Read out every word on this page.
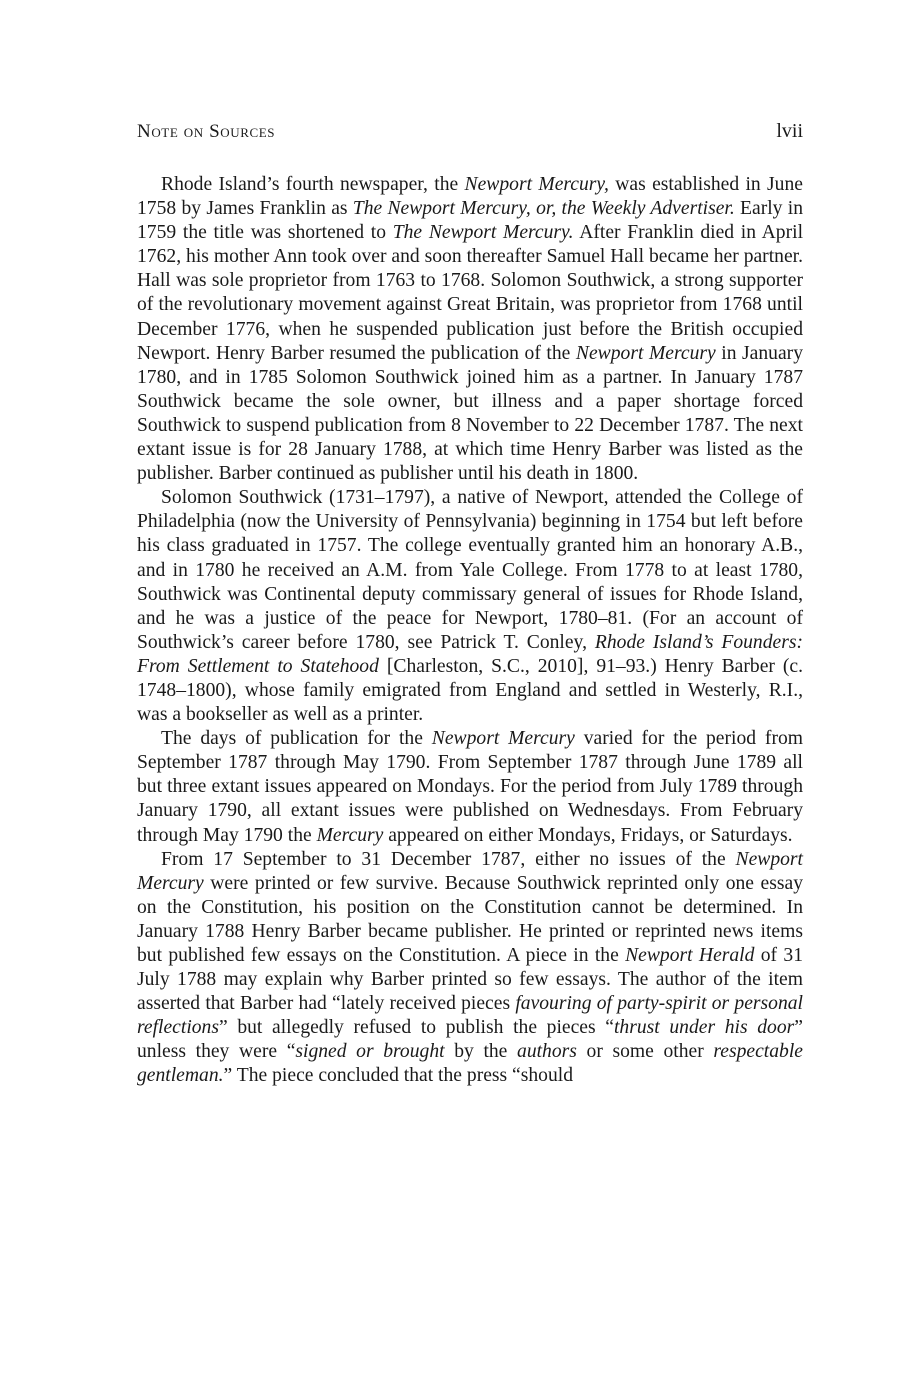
Note on Sources	lvii

Rhode Island’s fourth newspaper, the Newport Mercury, was established in June 1758 by James Franklin as The Newport Mercury, or, the Weekly Advertiser. Early in 1759 the title was shortened to The Newport Mercury. After Franklin died in April 1762, his mother Ann took over and soon thereafter Samuel Hall became her partner. Hall was sole proprietor from 1763 to 1768. Solomon Southwick, a strong supporter of the revolutionary movement against Great Britain, was proprietor from 1768 until December 1776, when he suspended publication just before the British occupied Newport. Henry Barber resumed the publication of the Newport Mercury in January 1780, and in 1785 Solomon Southwick joined him as a partner. In January 1787 Southwick became the sole owner, but illness and a paper shortage forced Southwick to suspend publication from 8 November to 22 December 1787. The next extant issue is for 28 January 1788, at which time Henry Barber was listed as the publisher. Barber continued as publisher until his death in 1800.

Solomon Southwick (1731–1797), a native of Newport, attended the College of Philadelphia (now the University of Pennsylvania) beginning in 1754 but left before his class graduated in 1757. The college eventually granted him an honorary A.B., and in 1780 he received an A.M. from Yale College. From 1778 to at least 1780, Southwick was Continental deputy commissary general of issues for Rhode Island, and he was a justice of the peace for Newport, 1780–81. (For an account of Southwick’s career before 1780, see Patrick T. Conley, Rhode Island’s Founders: From Settlement to Statehood [Charleston, S.C., 2010], 91–93.) Henry Barber (c. 1748–1800), whose family emigrated from England and settled in Westerly, R.I., was a bookseller as well as a printer.

The days of publication for the Newport Mercury varied for the period from September 1787 through May 1790. From September 1787 through June 1789 all but three extant issues appeared on Mondays. For the period from July 1789 through January 1790, all extant issues were published on Wednesdays. From February through May 1790 the Mercury appeared on either Mondays, Fridays, or Saturdays.

From 17 September to 31 December 1787, either no issues of the Newport Mercury were printed or few survive. Because Southwick reprinted only one essay on the Constitution, his position on the Constitution cannot be determined. In January 1788 Henry Barber became publisher. He printed or reprinted news items but published few essays on the Constitution. A piece in the Newport Herald of 31 July 1788 may explain why Barber printed so few essays. The author of the item asserted that Barber had “lately received pieces favouring of party-spirit or personal reflections” but allegedly refused to publish the pieces “thrust under his door” unless they were “signed or brought by the authors or some other respectable gentleman.” The piece concluded that the press “should
